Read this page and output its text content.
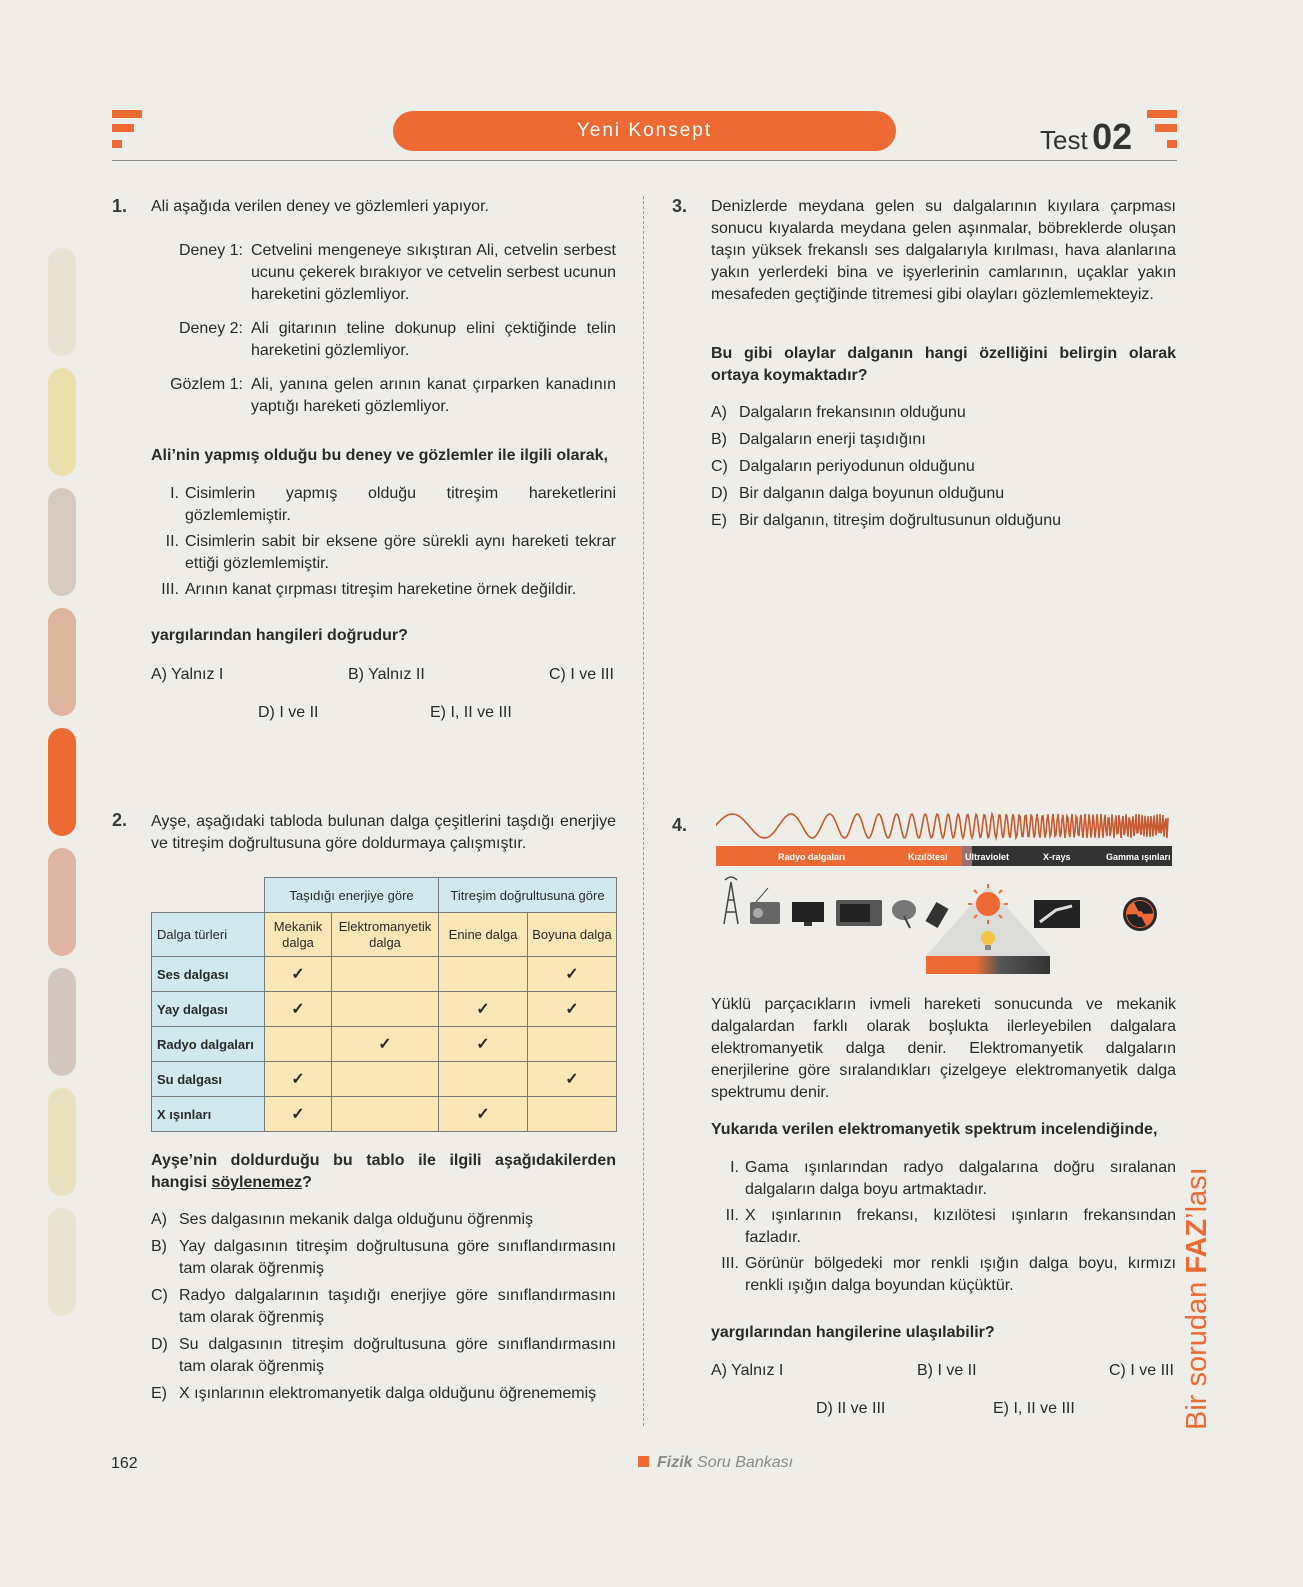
Yeni Konsept	Test 02
1. Ali aşağıda verilen deney ve gözlemleri yapıyor.
Deney 1: Cetvelini mengeneye sıkıştıran Ali, cetvelin serbest ucunu çekerek bırakıyor ve cetvelin serbest ucunun hareketini gözlemliyor.
Deney 2: Ali gitarının teline dokunup elini çektiğinde telin hareketini gözlemliyor.
Gözlem 1: Ali, yanına gelen arının kanat çırparken kanadının yaptığı hareketi gözlemliyor.
Ali’nin yapmış olduğu bu deney ve gözlemler ile ilgili olarak,
I. Cisimlerin yapmış olduğu titreşim hareketlerini gözlemlemiştir.
II. Cisimlerin sabit bir eksene göre sürekli aynı hareketi tekrar ettiği gözlemlemiştir.
III. Arının kanat çırpması titreşim hareketine örnek değildir.
yargılarından hangileri doğrudur?
A) Yalnız I	B) Yalnız II	C) I ve III
D) I ve II	E) I, II ve III
2. Ayşe, aşağıdaki tabloda bulunan dalga çeşitlerini taşdığı enerjiye ve titreşim doğrultusuna göre doldurmaya çalışmıştır.
	Taşıdığı enerjiye göre		Titreşim doğrultusuna göre	
Dalga türleri	Mekanik dalga	Elektromanyetik dalga	Enine dalga	Boyuna dalga
Ses dalgası	✓			✓
Yay dalgası	✓		✓	✓
Radyo dalgaları		✓	✓	
Su dalgası	✓			✓
X ışınları	✓		✓	
Ayşe’nin doldurduğu bu tablo ile ilgili aşağıdakilerden hangisi söylenemez?
A) Ses dalgasının mekanik dalga olduğunu öğrenmiş
B) Yay dalgasının titreşim doğrultusuna göre sınıflandırmasını tam olarak öğrenmiş
C) Radyo dalgalarının taşıdığı enerjiye göre sınıflandırmasını tam olarak öğrenmiş
D) Su dalgasının titreşim doğrultusuna göre sınıflandırmasını tam olarak öğrenmiş
E) X ışınlarının elektromanyetik dalga olduğunu öğrenememiş
3. Denizlerde meydana gelen su dalgalarının kıyılara çarpması sonucu kıyalarda meydana gelen aşınmalar, böbreklerde oluşan taşın yüksek frekanslı ses dalgalarıyla kırılması, hava alanlarına yakın yerlerdeki bina ve işyerlerinin camlarının, uçaklar yakın mesafeden geçtiğinde titremesi gibi olayları gözlemlemekteyiz.
Bu gibi olaylar dalganın hangi özelliğini belirgin olarak ortaya koymaktadır?
A) Dalgaların frekansının olduğunu
B) Dalgaların enerji taşıdığını
C) Dalgaların periyodunun olduğunu
D) Bir dalganın dalga boyunun olduğunu
E) Bir dalganın, titreşim doğrultusunun olduğunu
4.
Radyo dalgaları	Kızılötesi Ultraviolet	X-rays	Gamma ışınları
Yüklü parçacıkların ivmeli hareketi sonucunda ve mekanik dalgalardan farklı olarak boşlukta ilerleyebilen dalgalara elektromanyetik dalga denir. Elektromanyetik dalgaların enerjilerine göre sıralandıkları çizelgeye elektromanyetik dalga spektrumu denir.
Yukarıda verilen elektromanyetik spektrum incelendiğinde,
I. Gama ışınlarından radyo dalgalarına doğru sıralanan dalgaların dalga boyu artmaktadır.
II. X ışınlarının frekansı, kızılötesi ışınların frekansından fazladır.
III. Görünür bölgedeki mor renkli ışığın dalga boyu, kırmızı renkli ışığın dalga boyundan küçüktür.
yargılarından hangilerine ulaşılabilir?
A) Yalnız I	B) I ve II	C) I ve III
D) II ve III	E) I, II ve III	Bir sorudan FAZ’lası
162	Fizik Soru Bankası
